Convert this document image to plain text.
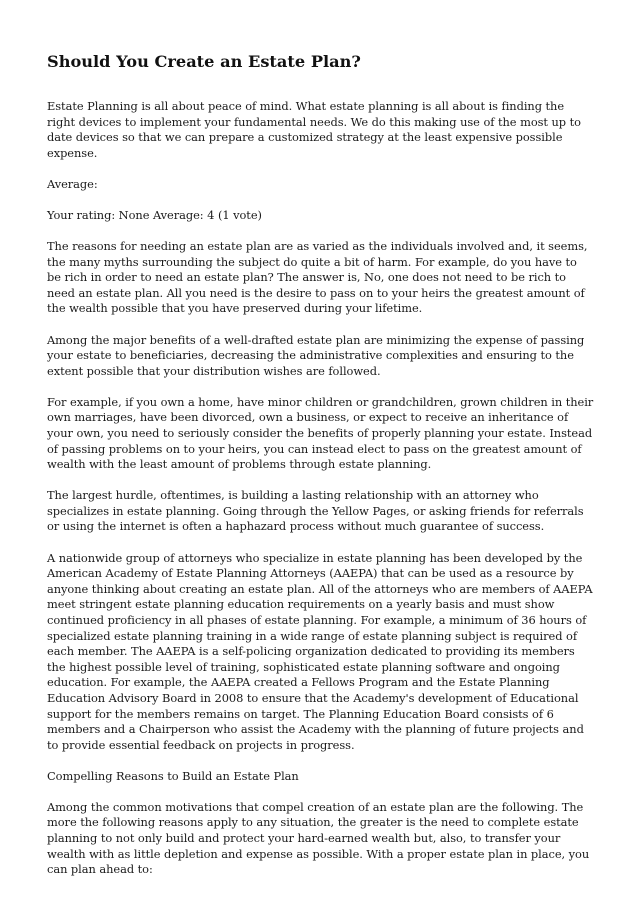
Should You Create an Estate Plan?

Estate Planning is all about peace of mind. What estate planning is all about is finding the right devices to implement your fundamental needs. We do this making use of the most up to date devices so that we can prepare a customized strategy at the least expensive possible expense.

Average:

Your rating: None Average: 4 (1 vote)

The reasons for needing an estate plan are as varied as the individuals involved and, it seems, the many myths surrounding the subject do quite a bit of harm. For example, do you have to be rich in order to need an estate plan? The answer is, No, one does not need to be rich to need an estate plan. All you need is the desire to pass on to your heirs the greatest amount of the wealth possible that you have preserved during your lifetime.

Among the major benefits of a well-drafted estate plan are minimizing the expense of passing your estate to beneficiaries, decreasing the administrative complexities and ensuring to the extent possible that your distribution wishes are followed.

For example, if you own a home, have minor children or grandchildren, grown children in their own marriages, have been divorced, own a business, or expect to receive an inheritance of your own, you need to seriously consider the benefits of properly planning your estate. Instead of passing problems on to your heirs, you can instead elect to pass on the greatest amount of wealth with the least amount of problems through estate planning.

The largest hurdle, oftentimes, is building a lasting relationship with an attorney who specializes in estate planning. Going through the Yellow Pages, or asking friends for referrals or using the internet is often a haphazard process without much guarantee of success.

A nationwide group of attorneys who specialize in estate planning has been developed by the American Academy of Estate Planning Attorneys (AAEPA) that can be used as a resource by anyone thinking about creating an estate plan. All of the attorneys who are members of AAEPA meet stringent estate planning education requirements on a yearly basis and must show continued proficiency in all phases of estate planning. For example, a minimum of 36 hours of specialized estate planning training in a wide range of estate planning subject is required of each member. The AAEPA is a self-policing organization dedicated to providing its members the highest possible level of training, sophisticated estate planning software and ongoing education. For example, the AAEPA created a Fellows Program and the Estate Planning Education Advisory Board in 2008 to ensure that the Academy's development of Educational support for the members remains on target. The Planning Education Board consists of 6 members and a Chairperson who assist the Academy with the planning of future projects and to provide essential feedback on projects in progress.

Compelling Reasons to Build an Estate Plan

Among the common motivations that compel creation of an estate plan are the following. The more the following reasons apply to any situation, the greater is the need to complete estate planning to not only build and protect your hard-earned wealth but, also, to transfer your wealth with as little depletion and expense as possible. With a proper estate plan in place, you can plan ahead to:
